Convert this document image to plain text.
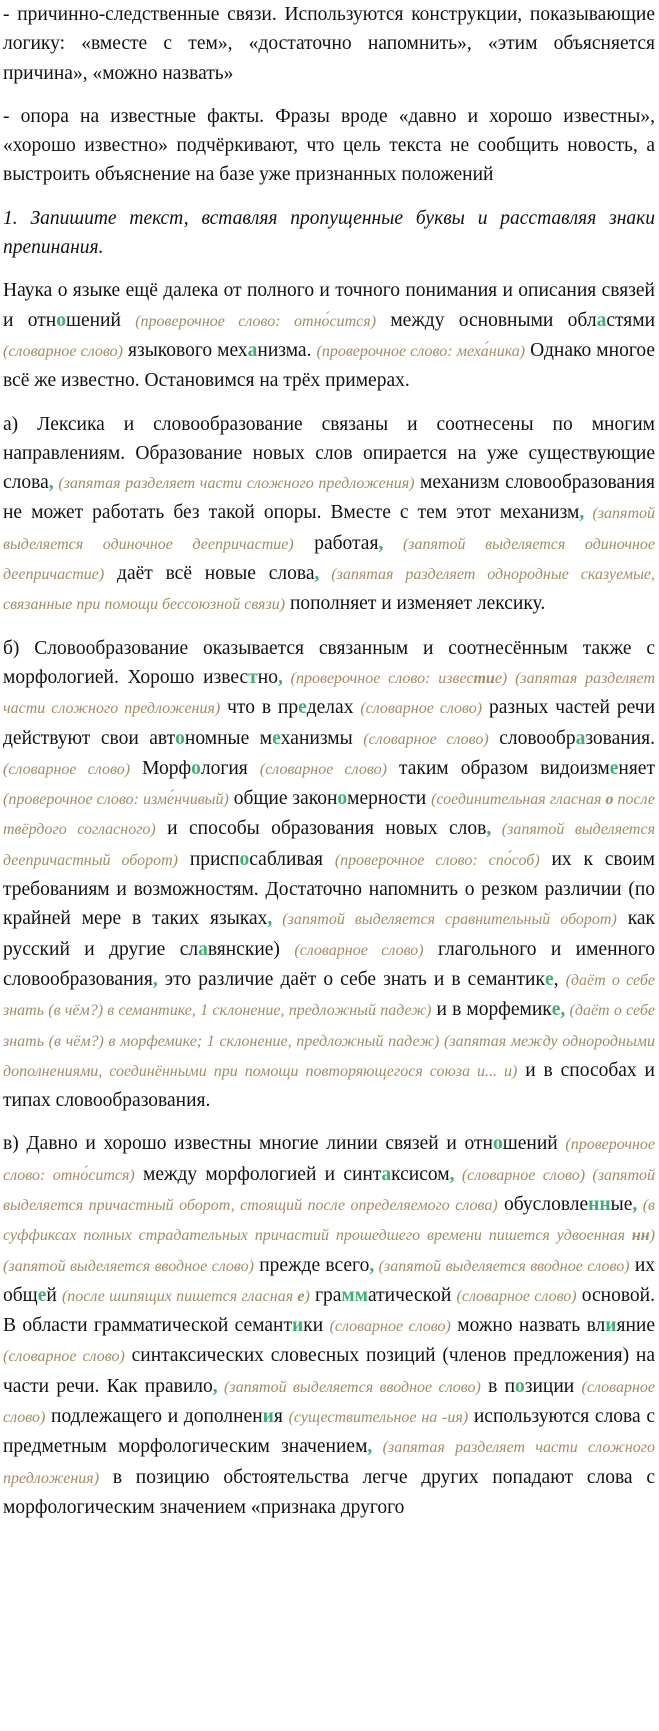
- причинно-следственные связи. Используются конструкции, показывающие логику: «вместе с тем», «достаточно напомнить», «этим объясняется причина», «можно назвать»

- опора на известные факты. Фразы вроде «давно и хорошо известны», «хорошо известно» подчёркивают, что цель текста не сообщить новость, а выстроить объяснение на базе уже признанных положений

1. Запишите текст, вставляя пропущенные буквы и расставляя знаки препинания.

Наука о языке ещё далека от полного и точного понимания и описания связей и отношений (проверочное слово: отно́сится) между основными областями (словарное слово) языкового механизма. (проверочное слово: меха́ника) Однако многое всё же известно. Остановимся на трёх примерах.

а) Лексика и словообразование связаны и соотнесены по многим направлениям. Образование новых слов опирается на уже существующие слова, (запятая разделяет части сложного предложения) механизм словообразования не может работать без такой опоры. Вместе с тем этот механизм, (запятой выделяется одиночное деепричастие) работая, (запятой выделяется одиночное деепричастие) даёт всё новые слова, (запятая разделяет однородные сказуемые, связанные при помощи бессоюзной связи) пополняет и изменяет лексику.

б) Словообразование оказывается связанным и соотнесённым также с морфологией. Хорошо известно, (проверочное слово: известие) (запятая разделяет части сложного предложения) что в пределах (словарное слово) разных частей речи действуют свои автономные механизмы (словарное слово) словообразования. (словарное слово) Морфология (словарное слово) таким образом видоизменяет (проверочное слово: изме́нчивый) общие закономерности (соединительная гласная о после твёрдого согласного) и способы образования новых слов, (запятой выделяется деепричастный оборот) приспосабливая (проверочное слово: спо́соб) их к своим требованиям и возможностям. Достаточно напомнить о резком различии (по крайней мере в таких языках, (запятой выделяется сравнительный оборот) как русский и другие славянские) (словарное слово) глагольного и именного словообразования, это различие даёт о себе знать и в семантике, (даёт о себе знать (в чём?) в семантике, 1 склонение, предложный падеж) и в морфемике, (даёт о себе знать (в чём?) в морфемике; 1 склонение, предложный падеж) (запятая между однородными дополнениями, соединёнными при помощи повторяющегося союза и... и) и в способах и типах словообразования.

в) Давно и хорошо известны многие линии связей и отношений (проверочное слово: отно́сится) между морфологией и синтаксисом, (словарное слово) (запятой выделяется причастный оборот, стоящий после определяемого слова) обусловленные, (в суффиксах полных страдательных причастий прошедшего времени пишется удвоенная нн) (запятой выделяется вводное слово) прежде всего, (запятой выделяется вводное слово) их общей (после шипящих пишется гласная е) грамматической (словарное слово) основой. В области грамматической семантики (словарное слово) можно назвать влияние (словарное слово) синтаксических словесных позиций (членов предложения) на части речи. Как правило, (запятой выделяется вводное слово) в позиции (словарное слово) подлежащего и дополнения (существительное на -ия) используются слова с предметным морфологическим значением, (запятая разделяет части сложного предложения) в позицию обстоятельства легче других попадают слова с морфологическим значением «признака другого
